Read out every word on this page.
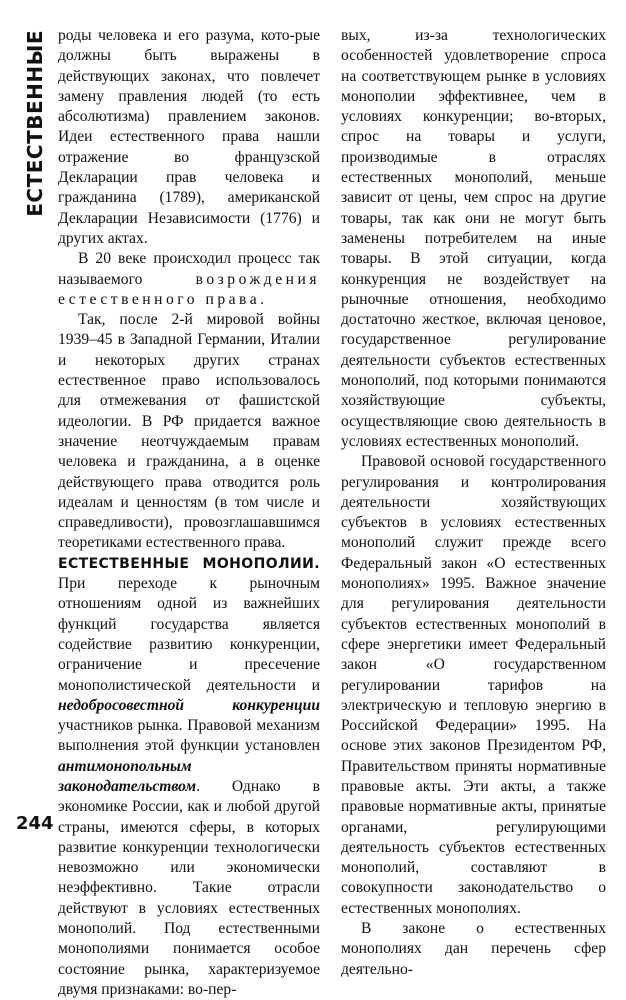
ЕСТЕСТВЕННЫЕ роды человека и его разума, кото-рые должны быть выражены в действующих законах, что повлечет замену правления людей (то есть абсолютизма) правлением законов. Идеи естественного права нашли отражение во французской Декларации прав человека и гражданина (1789), американской Декларации Независимости (1776) и других актах.

В 20 веке происходил процесс так называемого возрождения естественного права.

Так, после 2-й мировой войны 1939–45 в Западной Германии, Италии и некоторых других странах естественное право использовалось для отмежевания от фашистской идеологии. В РФ придается важное значение неотчуждаемым правам человека и гражданина, а в оценке действующего права отводится роль идеалам и ценностям (в том числе и справедливости), провозглашавшимся теоретиками естественного права.

ЕСТЕСТВЕННЫЕ МОНОПОЛИИ. При переходе к рыночным отношениям одной из важнейших функций государства является содействие развитию конкуренции, ограничение и пресечение монополистической деятельности и недобросовестной конкуренции участников рынка. Правовой механизм выполнения этой функции установлен антимонопольным законодательством. Однако в экономике России, как и любой другой страны, имеются сферы, в которых развитие конкуренции технологически невозможно или экономически неэффективно. Такие отрасли действуют в условиях естественных монополий. Под естественными монополиями понимается особое состояние рынка, характеризуемое двумя признаками: во-пер-

вых, из-за технологических особенностей удовлетворение спроса на соответствующем рынке в условиях монополии эффективнее, чем в условиях конкуренции; во-вторых, спрос на товары и услуги, производимые в отраслях естественных монополий, меньше зависит от цены, чем спрос на другие товары, так как они не могут быть заменены потребителем на иные товары. В этой ситуации, когда конкуренция не воздействует на рыночные отношения, необходимо достаточно жесткое, включая ценовое, государственное регулирование деятельности субъектов естественных монополий, под которыми понимаются хозяйствующие субъекты, осуществляющие свою деятельность в условиях естественных монополий.

Правовой основой государственного регулирования и контролирования деятельности хозяйствующих субъектов в условиях естественных монополий служит прежде всего Федеральный закон «О естественных монополиях» 1995. Важное значение для регулирования деятельности субъектов естественных монополий в сфере энергетики имеет Федеральный закон «О государственном регулировании тарифов на электрическую и тепловую энергию в Российской Федерации» 1995. На основе этих законов Президентом РФ, Правительством приняты нормативные правовые акты. Эти акты, а также правовые нормативные акты, принятые органами, регулирующими деятельность субъектов естественных монополий, составляют в совокупности законодательство о естественных монополиях.

В законе о естественных монополиях дан перечень сфер деятельно-

244
